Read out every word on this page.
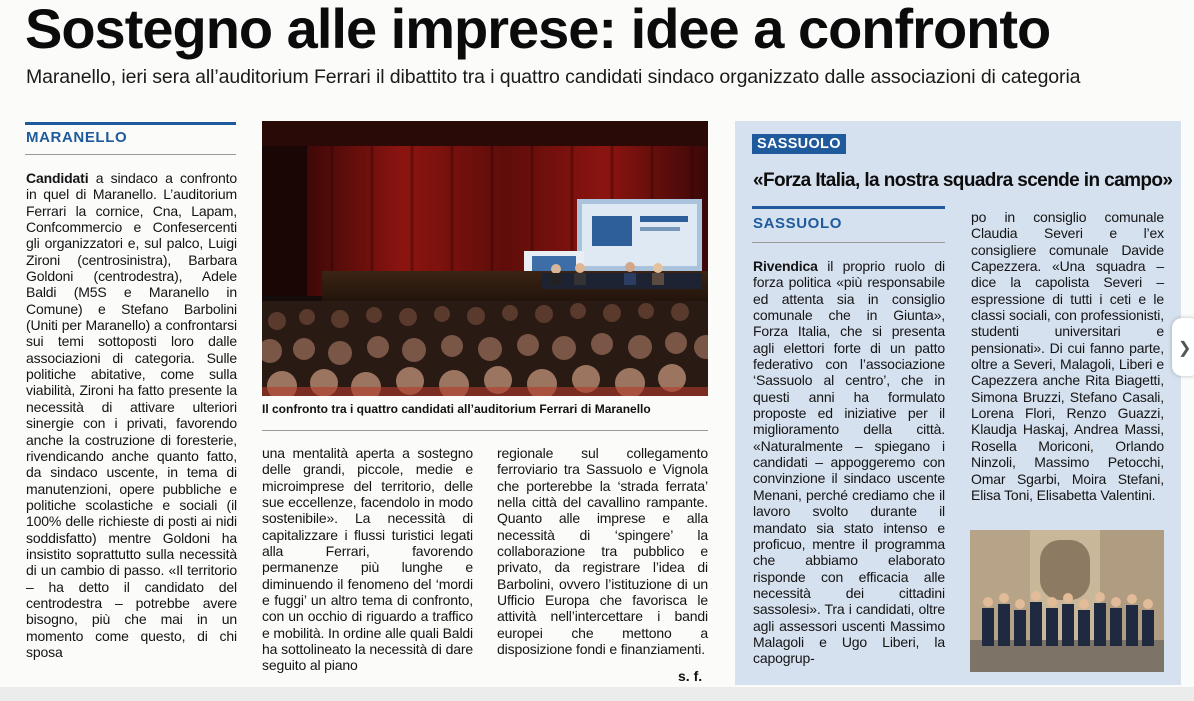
Sostegno alle imprese: idee a confronto
Maranello, ieri sera all’auditorium Ferrari il dibattito tra i quattro candidati sindaco organizzato dalle associazioni di categoria
MARANELLO
Candidati a sindaco a confronto in quel di Maranello. L’auditorium Ferrari la cornice, Cna, Lapam, Confcommercio e Confesercenti gli organizzatori e, sul palco, Luigi Zironi (centrosinistra), Barbara Goldoni (centrodestra), Adele Baldi (M5S e Maranello in Comune) e Stefano Barbolini (Uniti per Maranello) a confrontarsi sui temi sottoposti loro dalle associazioni di categoria. Sulle politiche abitative, come sulla viabilità, Zironi ha fatto presente la necessità di attivare ulteriori sinergie con i privati, favorendo anche la costruzione di foresterie, rivendicando anche quanto fatto, da sindaco uscente, in tema di manutenzioni, opere pubbliche e politiche scolastiche e sociali (il 100% delle richieste di posti ai nidi soddisfatto) mentre Goldoni ha insistito soprattutto sulla necessità di un cambio di passo. «Il territorio – ha detto il candidato del centrodestra – potrebbe avere bisogno, più che mai in un momento come questo, di chi sposa
Il confronto tra i quattro candidati all’auditorium Ferrari di Maranello
una mentalità aperta a sostegno delle grandi, piccole, medie e microimprese del territorio, delle sue eccellenze, facendolo in modo sostenibile». La necessità di capitalizzare i flussi turistici legati alla Ferrari, favorendo permanenze più lunghe e diminuendo il fenomeno del ‘mordi e fuggi’ un altro tema di confronto, con un occhio di riguardo a traffico e mobilità. In ordine alle quali Baldi ha sottolineato la necessità di dare seguito al piano
regionale sul collegamento ferroviario tra Sassuolo e Vignola che porterebbe la ‘strada ferrata’ nella città del cavallino rampante. Quanto alle imprese e alla necessità di ‘spingere’ la collaborazione tra pubblico e privato, da registrare l’idea di Barbolini, ovvero l’istituzione di un Ufficio Europa che favorisca le attività nell’intercettare i bandi europei che mettono a disposizione fondi e finanziamenti.
s. f.
SASSUOLO
«Forza Italia, la nostra squadra scende in campo»
SASSUOLO
Rivendica il proprio ruolo di forza politica «più responsabile ed attenta sia in consiglio comunale che in Giunta», Forza Italia, che si presenta agli elettori forte di un patto federativo con l’associazione ‘Sassuolo al centro’, che in questi anni ha formulato proposte ed iniziative per il miglioramento della città. «Naturalmente – spiegano i candidati – appoggeremo con convinzione il sindaco uscente Menani, perché crediamo che il lavoro svolto durante il mandato sia stato intenso e proficuo, mentre il programma che abbiamo elaborato risponde con efficacia alle necessità dei cittadini sassolesi». Tra i candidati, oltre agli assessori uscenti Massimo Malagoli e Ugo Liberi, la capogrup-
po in consiglio comunale Claudia Severi e l’ex consigliere comunale Davide Capezzera. «Una squadra – dice la capolista Severi – espressione di tutti i ceti e le classi sociali, con professionisti, studenti universitari e pensionati». Di cui fanno parte, oltre a Severi, Malagoli, Liberi e Capezzera anche Rita Biagetti, Simona Bruzzi, Stefano Casali, Lorena Flori, Renzo Guazzi, Klaudja Haskaj, Andrea Massi, Rosella Moriconi, Orlando Ninzoli, Massimo Petocchi, Omar Sgarbi, Moira Stefani, Elisa Toni, Elisabetta Valentini.
❯
